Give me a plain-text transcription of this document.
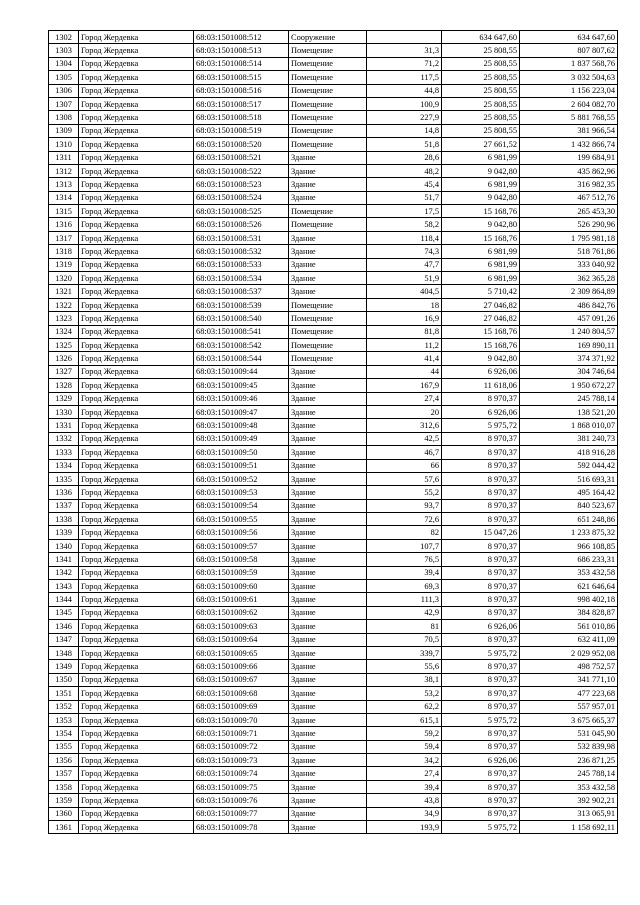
1302	Город Жердевка	68:03:1501008:512	Сооружение		634 647,60	634 647,60
1303	Город Жердевка	68:03:1501008:513	Помещение	31,3	25 808,55	807 807,62
1304	Город Жердевка	68:03:1501008:514	Помещение	71,2	25 808,55	1 837 568,76
1305	Город Жердевка	68:03:1501008:515	Помещение	117,5	25 808,55	3 032 504,63
1306	Город Жердевка	68:03:1501008:516	Помещение	44,8	25 808,55	1 156 223,04
1307	Город Жердевка	68:03:1501008:517	Помещение	100,9	25 808,55	2 604 082,70
1308	Город Жердевка	68:03:1501008:518	Помещение	227,9	25 808,55	5 881 768,55
1309	Город Жердевка	68:03:1501008:519	Помещение	14,8	25 808,55	381 966,54
1310	Город Жердевка	68:03:1501008:520	Помещение	51,8	27 661,52	1 432 866,74
1311	Город Жердевка	68:03:1501008:521	Здание	28,6	6 981,99	199 684,91
1312	Город Жердевка	68:03:1501008:522	Здание	48,2	9 042,80	435 862,96
1313	Город Жердевка	68:03:1501008:523	Здание	45,4	6 981,99	316 982,35
1314	Город Жердевка	68:03:1501008:524	Здание	51,7	9 042,80	467 512,76
1315	Город Жердевка	68:03:1501008:525	Помещение	17,5	15 168,76	265 453,30
1316	Город Жердевка	68:03:1501008:526	Помещение	58,2	9 042,80	526 290,96
1317	Город Жердевка	68:03:1501008:531	Здание	118,4	15 168,76	1 795 981,18
1318	Город Жердевка	68:03:1501008:532	Здание	74,3	6 981,99	518 761,86
1319	Город Жердевка	68:03:1501008:533	Здание	47,7	6 981,99	333 040,92
1320	Город Жердевка	68:03:1501008:534	Здание	51,9	6 981,99	362 365,28
1321	Город Жердевка	68:03:1501008:537	Здание	404,5	5 710,42	2 309 864,89
1322	Город Жердевка	68:03:1501008:539	Помещение	18	27 046,82	486 842,76
1323	Город Жердевка	68:03:1501008:540	Помещение	16,9	27 046,82	457 091,26
1324	Город Жердевка	68:03:1501008:541	Помещение	81,8	15 168,76	1 240 804,57
1325	Город Жердевка	68:03:1501008:542	Помещение	11,2	15 168,76	169 890,11
1326	Город Жердевка	68:03:1501008:544	Помещение	41,4	9 042,80	374 371,92
1327	Город Жердевка	68:03:1501009:44	Здание	44	6 926,06	304 746,64
1328	Город Жердевка	68:03:1501009:45	Здание	167,9	11 618,06	1 950 672,27
1329	Город Жердевка	68:03:1501009:46	Здание	27,4	8 970,37	245 788,14
1330	Город Жердевка	68:03:1501009:47	Здание	20	6 926,06	138 521,20
1331	Город Жердевка	68:03:1501009:48	Здание	312,6	5 975,72	1 868 010,07
1332	Город Жердевка	68:03:1501009:49	Здание	42,5	8 970,37	381 240,73
1333	Город Жердевка	68:03:1501009:50	Здание	46,7	8 970,37	418 916,28
1334	Город Жердевка	68:03:1501009:51	Здание	66	8 970,37	592 044,42
1335	Город Жердевка	68:03:1501009:52	Здание	57,6	8 970,37	516 693,31
1336	Город Жердевка	68:03:1501009:53	Здание	55,2	8 970,37	495 164,42
1337	Город Жердевка	68:03:1501009:54	Здание	93,7	8 970,37	840 523,67
1338	Город Жердевка	68:03:1501009:55	Здание	72,6	8 970,37	651 248,86
1339	Город Жердевка	68:03:1501009:56	Здание	82	15 047,26	1 233 875,32
1340	Город Жердевка	68:03:1501009:57	Здание	107,7	8 970,37	966 108,85
1341	Город Жердевка	68:03:1501009:58	Здание	76,5	8 970,37	686 233,31
1342	Город Жердевка	68:03:1501009:59	Здание	39,4	8 970,37	353 432,58
1343	Город Жердевка	68:03:1501009:60	Здание	69,3	8 970,37	621 646,64
1344	Город Жердевка	68:03:1501009:61	Здание	111,3	8 970,37	998 402,18
1345	Город Жердевка	68:03:1501009:62	Здание	42,9	8 970,37	384 828,87
1346	Город Жердевка	68:03:1501009:63	Здание	81	6 926,06	561 010,86
1347	Город Жердевка	68:03:1501009:64	Здание	70,5	8 970,37	632 411,09
1348	Город Жердевка	68:03:1501009:65	Здание	339,7	5 975,72	2 029 952,08
1349	Город Жердевка	68:03:1501009:66	Здание	55,6	8 970,37	498 752,57
1350	Город Жердевка	68:03:1501009:67	Здание	38,1	8 970,37	341 771,10
1351	Город Жердевка	68:03:1501009:68	Здание	53,2	8 970,37	477 223,68
1352	Город Жердевка	68:03:1501009:69	Здание	62,2	8 970,37	557 957,01
1353	Город Жердевка	68:03:1501009:70	Здание	615,1	5 975,72	3 675 665,37
1354	Город Жердевка	68:03:1501009:71	Здание	59,2	8 970,37	531 045,90
1355	Город Жердевка	68:03:1501009:72	Здание	59,4	8 970,37	532 839,98
1356	Город Жердевка	68:03:1501009:73	Здание	34,2	6 926,06	236 871,25
1357	Город Жердевка	68:03:1501009:74	Здание	27,4	8 970,37	245 788,14
1358	Город Жердевка	68:03:1501009:75	Здание	39,4	8 970,37	353 432,58
1359	Город Жердевка	68:03:1501009:76	Здание	43,8	8 970,37	392 902,21
1360	Город Жердевка	68:03:1501009:77	Здание	34,9	8 970,37	313 065,91
1361	Город Жердевка	68:03:1501009:78	Здание	193,9	5 975,72	1 158 692,11
